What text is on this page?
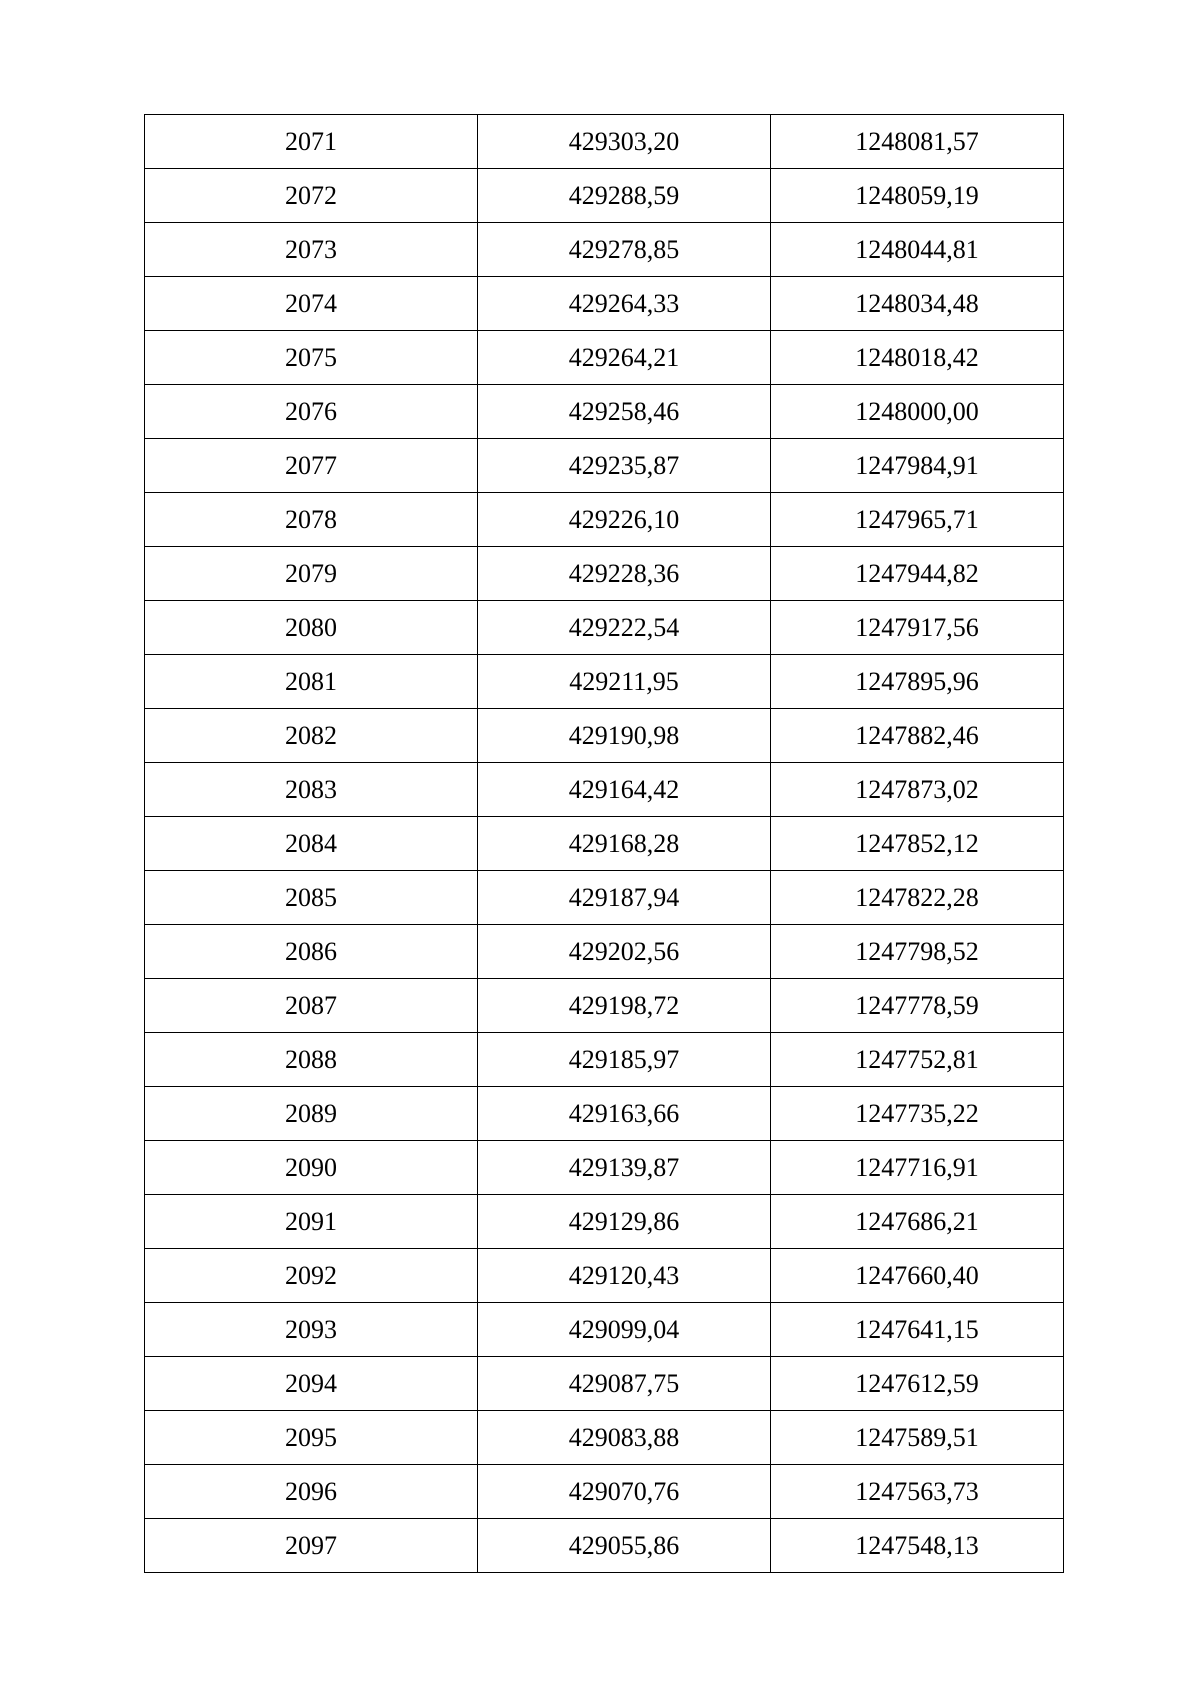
2071	429303,20	1248081,57
2072	429288,59	1248059,19
2073	429278,85	1248044,81
2074	429264,33	1248034,48
2075	429264,21	1248018,42
2076	429258,46	1248000,00
2077	429235,87	1247984,91
2078	429226,10	1247965,71
2079	429228,36	1247944,82
2080	429222,54	1247917,56
2081	429211,95	1247895,96
2082	429190,98	1247882,46
2083	429164,42	1247873,02
2084	429168,28	1247852,12
2085	429187,94	1247822,28
2086	429202,56	1247798,52
2087	429198,72	1247778,59
2088	429185,97	1247752,81
2089	429163,66	1247735,22
2090	429139,87	1247716,91
2091	429129,86	1247686,21
2092	429120,43	1247660,40
2093	429099,04	1247641,15
2094	429087,75	1247612,59
2095	429083,88	1247589,51
2096	429070,76	1247563,73
2097	429055,86	1247548,13
